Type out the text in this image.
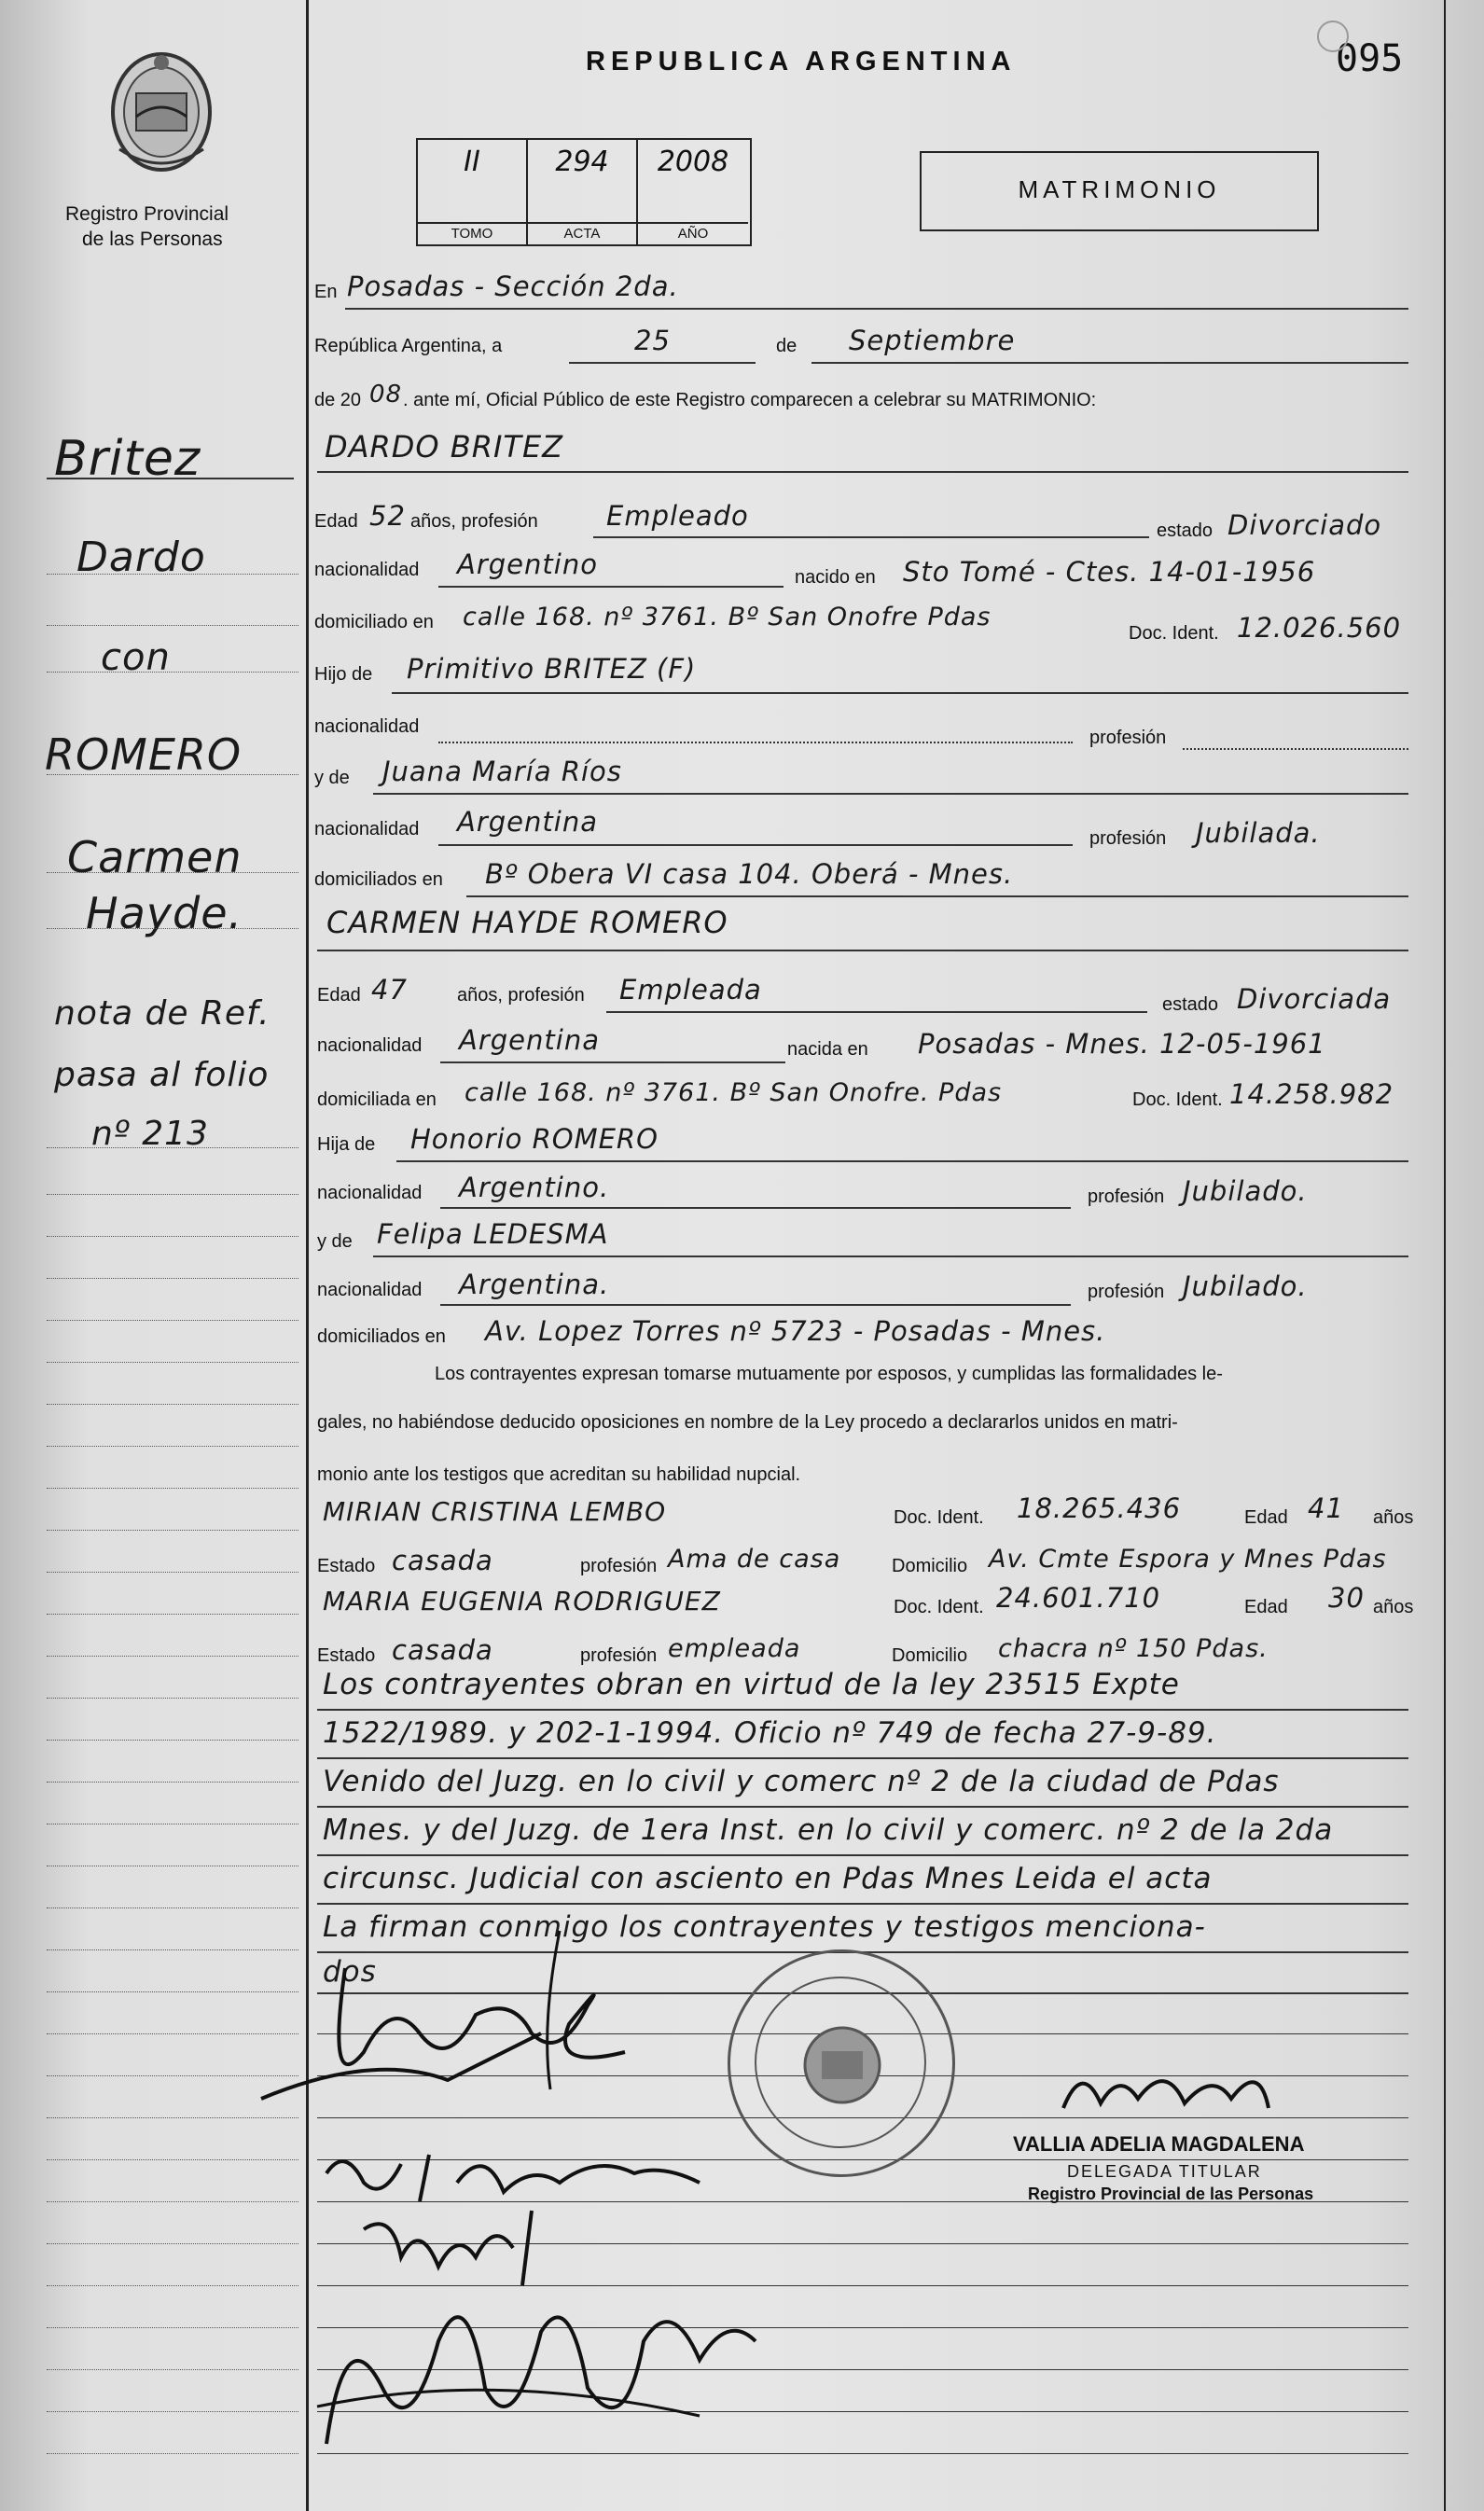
Registro Provincial
de las Personas
REPUBLICA ARGENTINA	095
II
TOMO
294
ACTA
2008
AÑO
MATRIMONIO
Britez
Dardo
con
ROMERO
Carmen
Hayde.
nota de Ref.
pasa al folio
nº 213
En Posadas - Sección 2da.
República Argentina, a	25	de Septiembre
de 20 08 . ante mí, Oficial Público de este Registro comparecen a celebrar su MATRIMONIO:
DARDO BRITEZ
Edad 52 años, profesión	Empleado	estado Divorciado
nacionalidad Argentino	nacido en Sto Tomé - Ctes. 14-01-1956
domiciliado en calle 168. nº 3761. Bº San Onofre Pdas
Doc. Ident. 12.026.560
Hijo de Primitivo BRITEZ (F)
nacionalidad
profesión
y de Juana María Ríos
nacionalidad Argentina
profesión Jubilada.
domiciliados en Bº Obera VI casa 104. Oberá - Mnes.
CARMEN HAYDE ROMERO
Edad 47	años, profesión Empleada	estado Divorciada
nacionalidad Argentina	nacida en Posadas - Mnes. 12-05-1961
domiciliada en calle 168. nº 3761. Bº San Onofre. Pdas	Doc. Ident. 14.258.982
Hija de Honorio ROMERO
nacionalidad Argentino.	profesión Jubilado.
y de Felipa LEDESMA
nacionalidad Argentina.	profesión Jubilado.
domiciliados en Av. Lopez Torres nº 5723 - Posadas - Mnes.
Los contrayentes expresan tomarse mutuamente por esposos, y cumplidas las formalidades le-
gales, no habiéndose deducido oposiciones en nombre de la Ley procedo a declararlos unidos en matri-
monio ante los testigos que acreditan su habilidad nupcial.
MIRIAN CRISTINA LEMBO	Doc. Ident. 18.265.436	Edad 41 años
Estado casada	profesión Ama de casa	Domicilio Av. Cmte Espora y Mnes Pdas
MARIA EUGENIA RODRIGUEZ	Doc. Ident. 24.601.710	Edad 30 años
Estado casada	profesión empleada	Domicilio chacra nº 150 Pdas.
Los contrayentes obran en virtud de la ley 23515 Expte
1522/1989. y 202-1-1994. Oficio nº 749 de fecha 27-9-89.
Venido del Juzg. en lo civil y comerc nº 2 de la ciudad de Pdas
Mnes. y del Juzg. de 1era Inst. en lo civil y comerc. nº 2 de la 2da
circunsc. Judicial con asciento en Pdas Mnes Leida el acta
La firman conmigo los contrayentes y testigos menciona-
dos
VALLIA ADELIA MAGDALENA
DELEGADA TITULAR
Registro Provincial de las Personas
